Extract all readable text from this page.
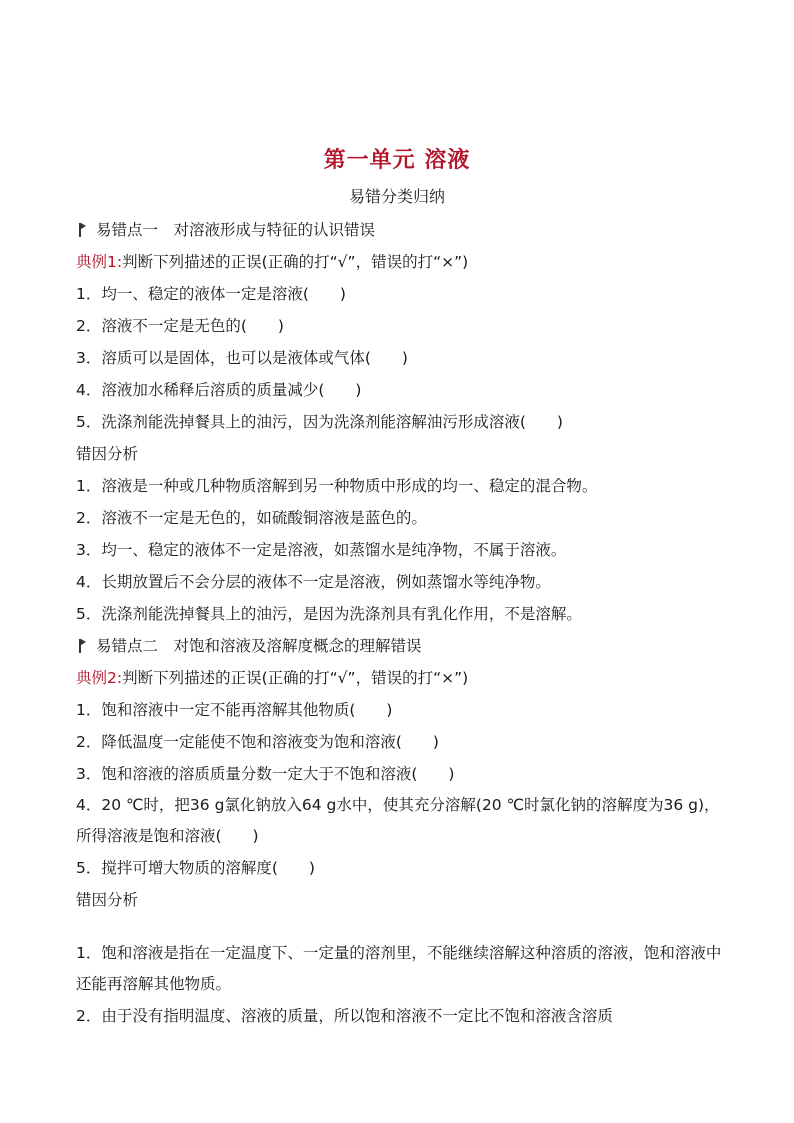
第一单元 溶液
易错分类归纳
易错点一　对溶液形成与特征的认识错误
典例1:判断下列描述的正误(正确的打“√”，错误的打“×”)
1．均一、稳定的液体一定是溶液(　　)
2．溶液不一定是无色的(　　)
3．溶质可以是固体，也可以是液体或气体(　　)
4．溶液加水稀释后溶质的质量减少(　　)
5．洗涤剂能洗掉餐具上的油污，因为洗涤剂能溶解油污形成溶液(　　)
错因分析
1．溶液是一种或几种物质溶解到另一种物质中形成的均一、稳定的混合物。
2．溶液不一定是无色的，如硫酸铜溶液是蓝色的。
3．均一、稳定的液体不一定是溶液，如蒸馏水是纯净物，不属于溶液。
4．长期放置后不会分层的液体不一定是溶液，例如蒸馏水等纯净物。
5．洗涤剂能洗掉餐具上的油污，是因为洗涤剂具有乳化作用，不是溶解。
易错点二　对饱和溶液及溶解度概念的理解错误
典例2:判断下列描述的正误(正确的打“√”，错误的打“×”)
1．饱和溶液中一定不能再溶解其他物质(　　)
2．降低温度一定能使不饱和溶液变为饱和溶液(　　)
3．饱和溶液的溶质质量分数一定大于不饱和溶液(　　)
4．20 ℃时，把36 g氯化钠放入64 g水中，使其充分溶解(20 ℃时氯化钠的溶解度为36 g)，所得溶液是饱和溶液(　　)
5．搅拌可增大物质的溶解度(　　)
错因分析
1．饱和溶液是指在一定温度下、一定量的溶剂里，不能继续溶解这种溶质的溶液，饱和溶液中还能再溶解其他物质。
2．由于没有指明温度、溶液的质量，所以饱和溶液不一定比不饱和溶液含溶质
